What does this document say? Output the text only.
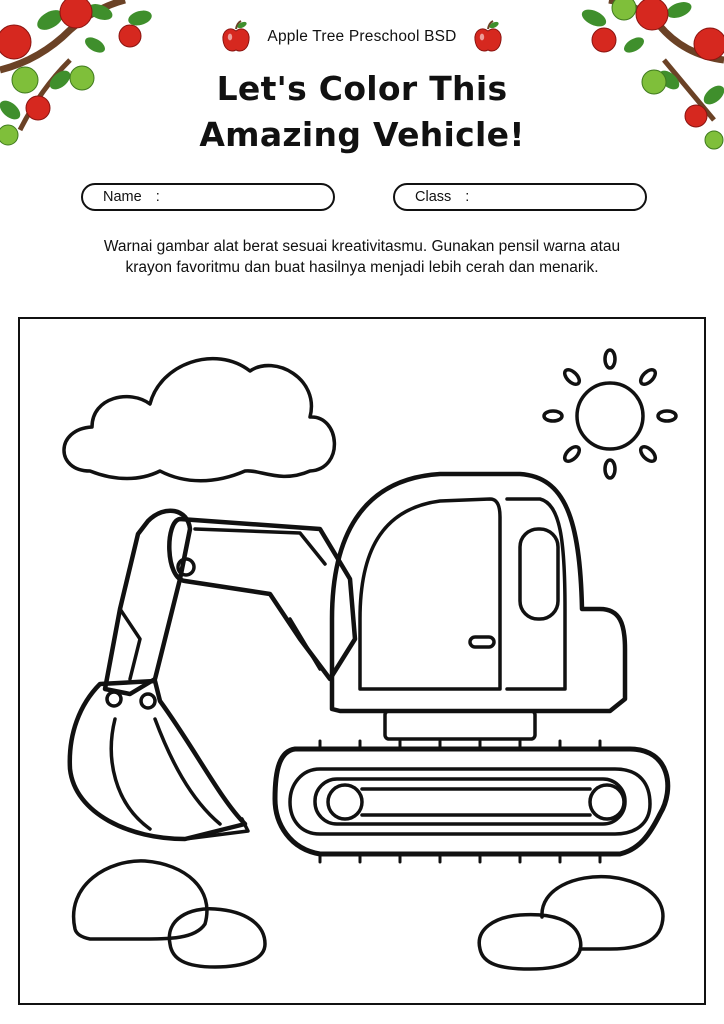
Apple Tree Preschool BSD
Let's Color This
Amazing Vehicle!
Name :	Class :

Warnai gambar alat berat sesuai kreativitasmu. Gunakan pensil warna atau
krayon favoritmu dan buat hasilnya menjadi lebih cerah dan menarik.
